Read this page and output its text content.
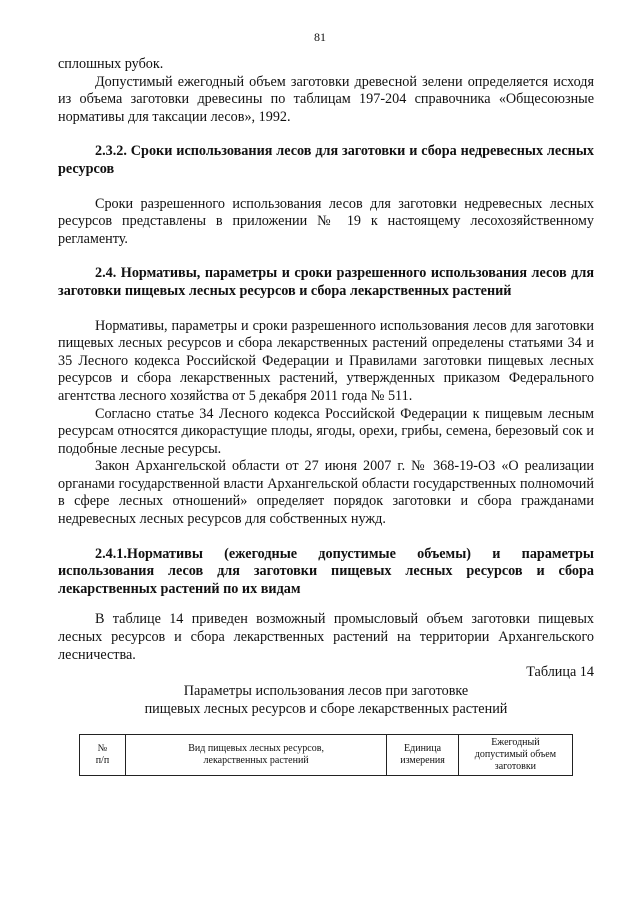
81

сплошных рубок.

Допустимый ежегодный объем заготовки древесной зелени определяется исходя из объема заготовки древесины по таблицам 197-204 справочника «Общесоюзные нормативы для таксации лесов», 1992.

2.3.2. Сроки использования лесов для заготовки и сбора недревесных лесных ресурсов

Сроки разрешенного использования лесов для заготовки недревесных лесных ресурсов представлены в приложении № 19 к настоящему лесохозяйственному регламенту.

2.4. Нормативы, параметры и сроки разрешенного использования лесов для заготовки пищевых лесных ресурсов и сбора лекарственных растений

Нормативы, параметры и сроки разрешенного использования лесов для заготовки пищевых лесных ресурсов и сбора лекарственных растений определены статьями 34 и 35 Лесного кодекса Российской Федерации и Правилами заготовки пищевых лесных ресурсов и сбора лекарственных растений, утвержденных приказом Федерального агентства лесного хозяйства от 5 декабря 2011 года № 511.

Согласно статье 34 Лесного кодекса Российской Федерации к пищевым лесным ресурсам относятся дикорастущие плоды, ягоды, орехи, грибы, семена, березовый сок и подобные лесные ресурсы.

Закон Архангельской области от 27 июня 2007 г. № 368-19-ОЗ «О реализации органами государственной власти Архангельской области государственных полномочий в сфере лесных отношений» определяет порядок заготовки и сбора гражданами недревесных лесных ресурсов для собственных нужд.

2.4.1.Нормативы (ежегодные допустимые объемы) и параметры использования лесов для заготовки пищевых лесных ресурсов и сбора лекарственных растений по их видам

В таблице 14 приведен возможный промысловый объем заготовки пищевых лесных ресурсов и сбора лекарственных растений на территории Архангельского лесничества.

Таблица 14

Параметры использования лесов при заготовке
пищевых лесных ресурсов и сборе лекарственных растений

№
п/п	Вид пищевых лесных ресурсов,
лекарственных растений	Единица
измерения	Ежегодный
допустимый объем
заготовки
